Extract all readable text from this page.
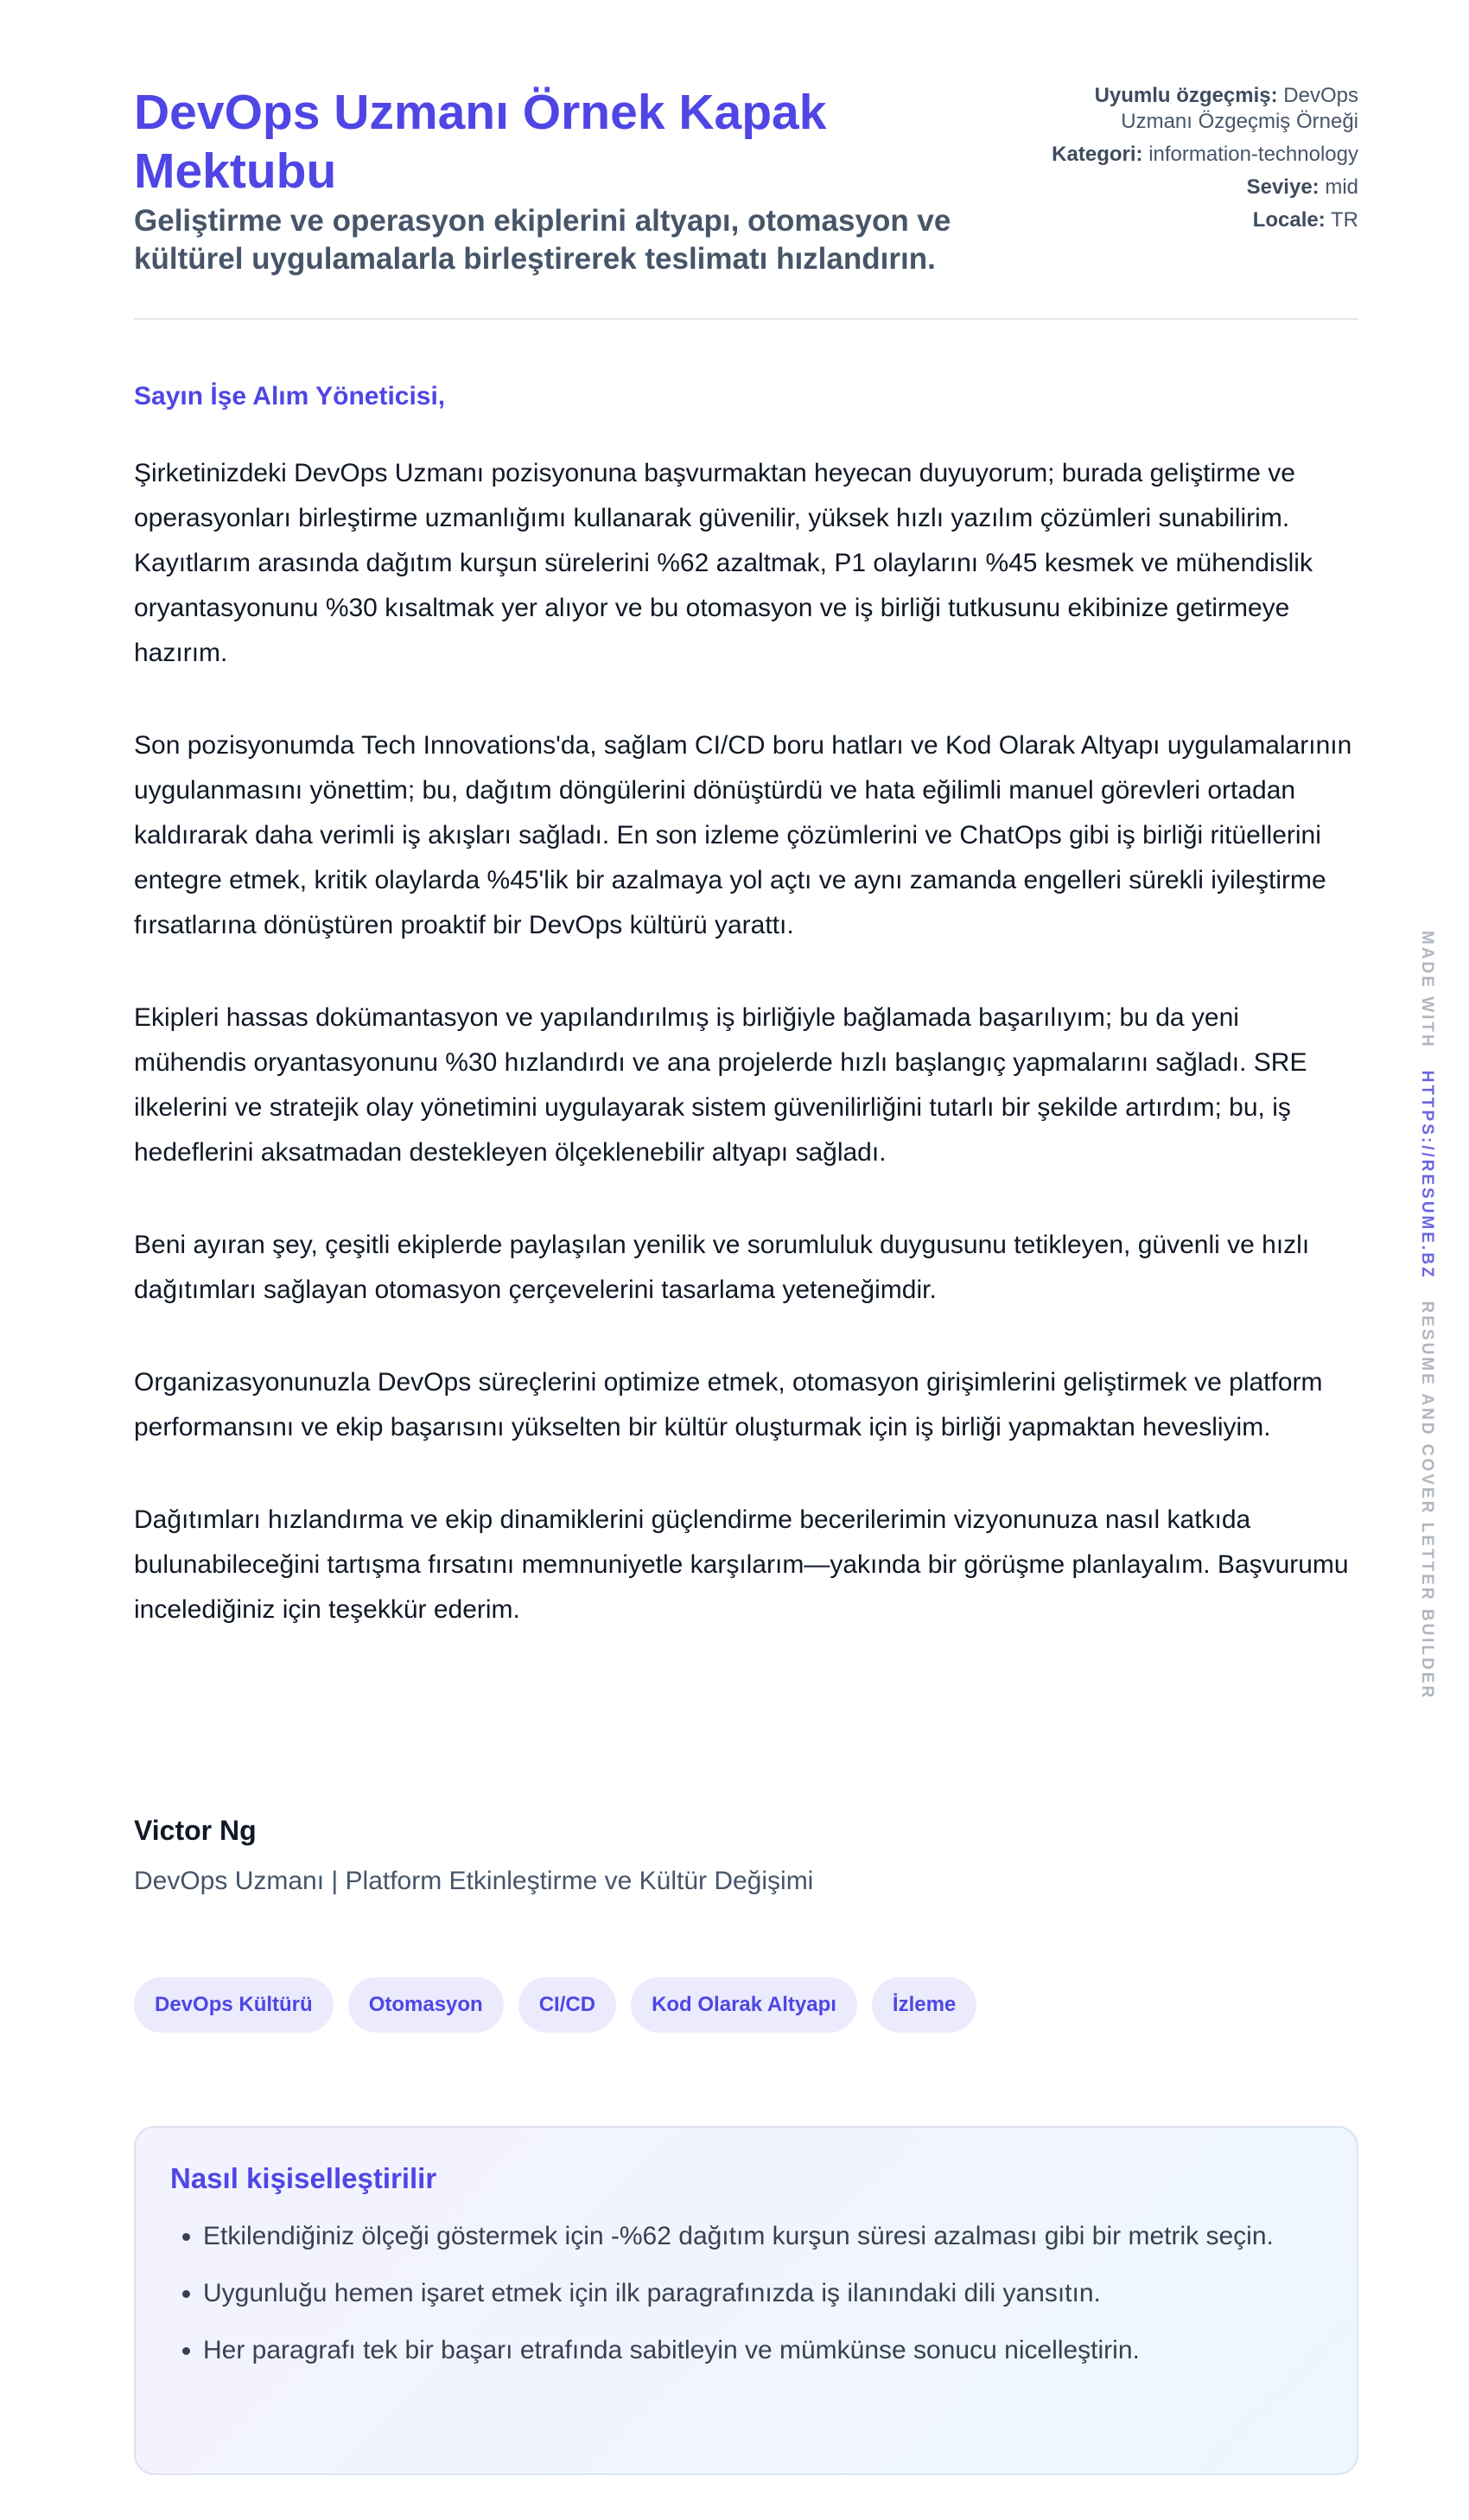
DevOps Uzmanı Örnek Kapak Mektubu
Geliştirme ve operasyon ekiplerini altyapı, otomasyon ve kültürel uygulamalarla birleştirerek teslimatı hızlandırın.
Uyumlu özgeçmiş: DevOps Uzmanı Özgeçmiş Örneği
Kategori: information-technology
Seviye: mid
Locale: TR
Sayın İşe Alım Yöneticisi,

Şirketinizdeki DevOps Uzmanı pozisyonuna başvurmaktan heyecan duyuyorum; burada geliştirme ve operasyonları birleştirme uzmanlığımı kullanarak güvenilir, yüksek hızlı yazılım çözümleri sunabilirim. Kayıtlarım arasında dağıtım kurşun sürelerini %62 azaltmak, P1 olaylarını %45 kesmek ve mühendislik oryantasyonunu %30 kısaltmak yer alıyor ve bu otomasyon ve iş birliği tutkusunu ekibinize getirmeye hazırım.

Son pozisyonumda Tech Innovations'da, sağlam CI/CD boru hatları ve Kod Olarak Altyapı uygulamalarının uygulanmasını yönettim; bu, dağıtım döngülerini dönüştürdü ve hata eğilimli manuel görevleri ortadan kaldırarak daha verimli iş akışları sağladı. En son izleme çözümlerini ve ChatOps gibi iş birliği ritüellerini entegre etmek, kritik olaylarda %45'lik bir azalmaya yol açtı ve aynı zamanda engelleri sürekli iyileştirme fırsatlarına dönüştüren proaktif bir DevOps kültürü yarattı.

Ekipleri hassas dokümantasyon ve yapılandırılmış iş birliğiyle bağlamada başarılıyım; bu da yeni mühendis oryantasyonunu %30 hızlandırdı ve ana projelerde hızlı başlangıç yapmalarını sağladı. SRE ilkelerini ve stratejik olay yönetimini uygulayarak sistem güvenilirliğini tutarlı bir şekilde artırdım; bu, iş hedeflerini aksatmadan destekleyen ölçeklenebilir altyapı sağladı.

Beni ayıran şey, çeşitli ekiplerde paylaşılan yenilik ve sorumluluk duygusunu tetikleyen, güvenli ve hızlı dağıtımları sağlayan otomasyon çerçevelerini tasarlama yeteneğimdir.

Organizasyonunuzla DevOps süreçlerini optimize etmek, otomasyon girişimlerini geliştirmek ve platform performansını ve ekip başarısını yükselten bir kültür oluşturmak için iş birliği yapmaktan hevesliyim.

Dağıtımları hızlandırma ve ekip dinamiklerini güçlendirme becerilerimin vizyonunuza nasıl katkıda bulunabileceğini tartışma fırsatını memnuniyetle karşılarım—yakında bir görüşme planlayalım. Başvurumu incelediğiniz için teşekkür ederim.

Victor Ng
DevOps Uzmanı | Platform Etkinleştirme ve Kültür Değişimi
DevOps Kültürü	Otomasyon	CI/CD	Kod Olarak Altyapı	İzleme
Nasıl kişiselleştirilir
• Etkilendiğiniz ölçeği göstermek için -%62 dağıtım kurşun süresi azalması gibi bir metrik seçin.
• Uygunluğu hemen işaret etmek için ilk paragrafınızda iş ilanındaki dili yansıtın.
• Her paragrafı tek bir başarı etrafında sabitleyin ve mümkünse sonucu nicelleştirin.
MADE WITH   HTTPS://RESUME.BZ   RESUME AND COVER LETTER BUILDER
